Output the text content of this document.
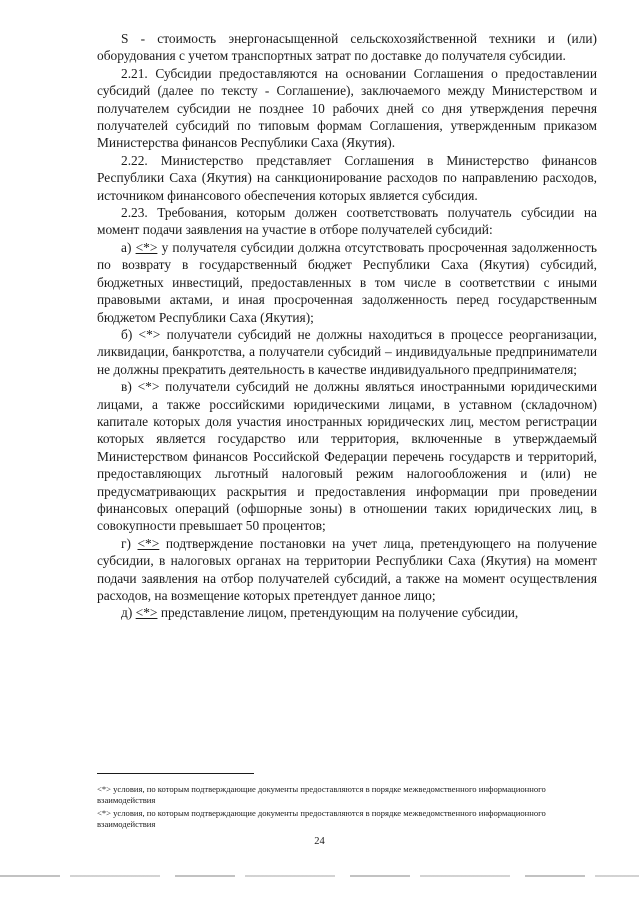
S - стоимость энергонасыщенной сельскохозяйственной техники и (или) оборудования с учетом транспортных затрат по доставке до получателя субсидии.

2.21. Субсидии предоставляются на основании Соглашения о предоставлении субсидий (далее по тексту - Соглашение), заключаемого между Министерством и получателем субсидии не позднее 10 рабочих дней со дня утверждения перечня получателей субсидий по типовым формам Соглашения, утвержденным приказом Министерства финансов Республики Саха (Якутия).

2.22. Министерство представляет Соглашения в Министерство финансов Республики Саха (Якутия) на санкционирование расходов по направлению расходов, источником финансового обеспечения которых является субсидия.

2.23. Требования, которым должен соответствовать получатель субсидии на момент подачи заявления на участие в отборе получателей субсидий:

а) <*> у получателя субсидии должна отсутствовать просроченная задолженность по возврату в государственный бюджет Республики Саха (Якутия) субсидий, бюджетных инвестиций, предоставленных в том числе в соответствии с иными правовыми актами, и иная просроченная задолженность перед государственным бюджетом Республики Саха (Якутия);

б) <*> получатели субсидий не должны находиться в процессе реорганизации, ликвидации, банкротства, а получатели субсидий – индивидуальные предприниматели не должны прекратить деятельность в качестве индивидуального предпринимателя;

в) <*> получатели субсидий не должны являться иностранными юридическими лицами, а также российскими юридическими лицами, в уставном (складочном) капитале которых доля участия иностранных юридических лиц, местом регистрации которых является государство или территория, включенные в утверждаемый Министерством финансов Российской Федерации перечень государств и территорий, предоставляющих льготный налоговый режим налогообложения и (или) не предусматривающих раскрытия и предоставления информации при проведении финансовых операций (офшорные зоны) в отношении таких юридических лиц, в совокупности превышает 50 процентов;

г) <*> подтверждение постановки на учет лица, претендующего на получение субсидии, в налоговых органах на территории Республики Саха (Якутия) на момент подачи заявления на отбор получателей субсидий, а также на момент осуществления расходов, на возмещение которых претендует данное лицо;

д) <*> представление лицом, претендующим на получение субсидии,

<*> условия, по которым подтверждающие документы предоставляются в порядке межведомственного информационного взаимодействия

<*> условия, по которым подтверждающие документы предоставляются в порядке межведомственного информационного взаимодействия

24
